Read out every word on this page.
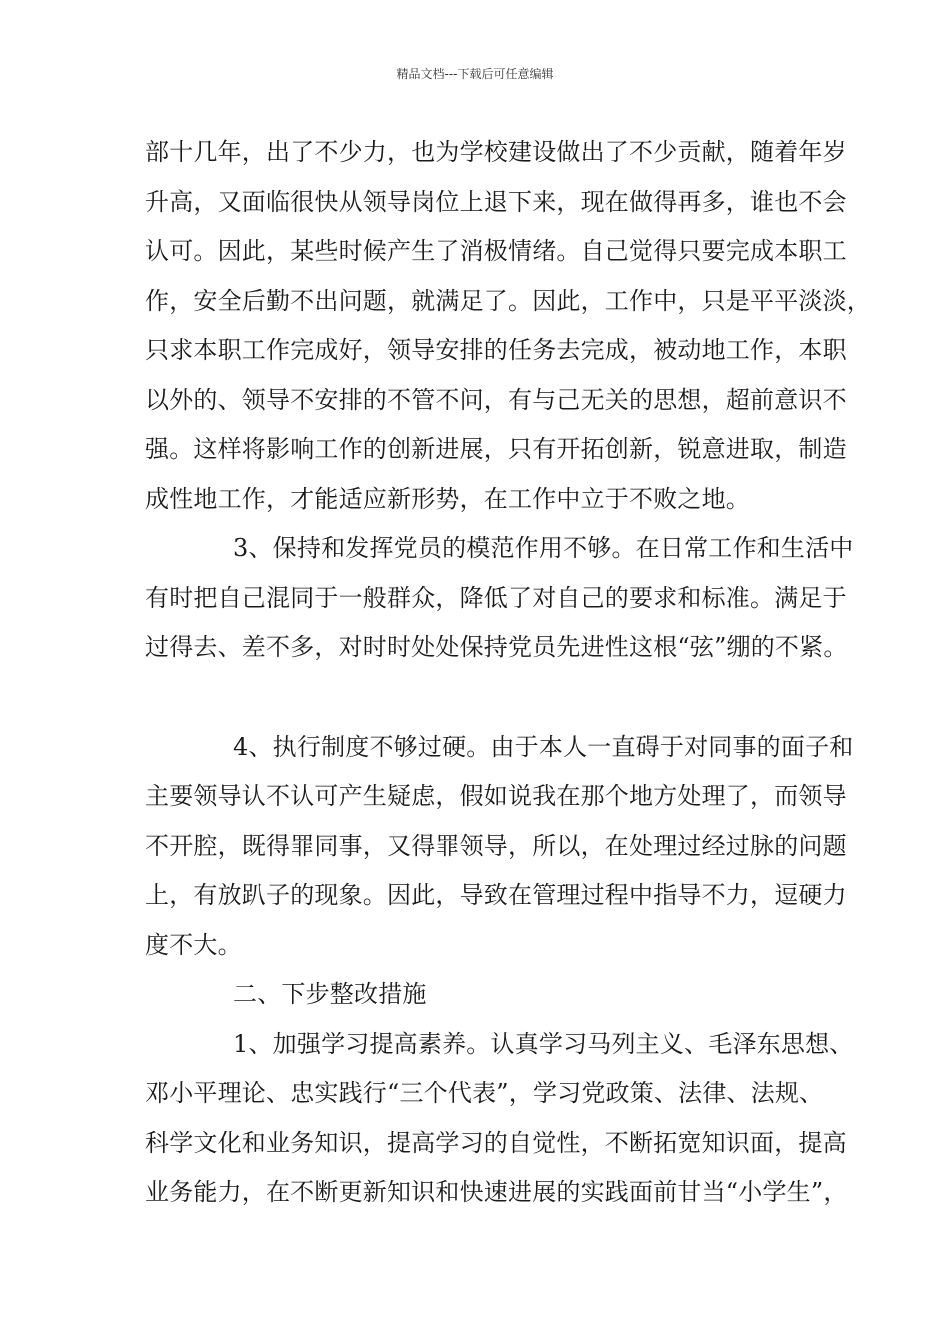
精品文档---下载后可任意编辑
部十几年，出了不少力，也为学校建设做出了不少贡献，随着年岁
升高，又面临很快从领导岗位上退下来，现在做得再多，谁也不会
认可。因此，某些时候产生了消极情绪。自己觉得只要完成本职工
作，安全后勤不出问题，就满足了。因此，工作中，只是平平淡淡，
只求本职工作完成好，领导安排的任务去完成，被动地工作，本职
以外的、领导不安排的不管不问，有与己无关的思想，超前意识不
强。这样将影响工作的创新进展，只有开拓创新，锐意进取，制造
成性地工作，才能适应新形势，在工作中立于不败之地。
3、保持和发挥党员的模范作用不够。在日常工作和生活中
有时把自己混同于一般群众，降低了对自己的要求和标准。满足于
过得去、差不多，对时时处处保持党员先进性这根“弦”绷的不紧。
4、执行制度不够过硬。由于本人一直碍于对同事的面子和
主要领导认不认可产生疑虑，假如说我在那个地方处理了，而领导
不开腔，既得罪同事，又得罪领导，所以，在处理过经过脉的问题
上，有放趴子的现象。因此，导致在管理过程中指导不力，逗硬力
度不大。
二、下步整改措施
1、加强学习提高素养。认真学习马列主义、毛泽东思想、
邓小平理论、忠实践行“三个代表”，学习党政策、法律、法规、
科学文化和业务知识，提高学习的自觉性，不断拓宽知识面，提高
业务能力，在不断更新知识和快速进展的实践面前甘当“小学生”，
